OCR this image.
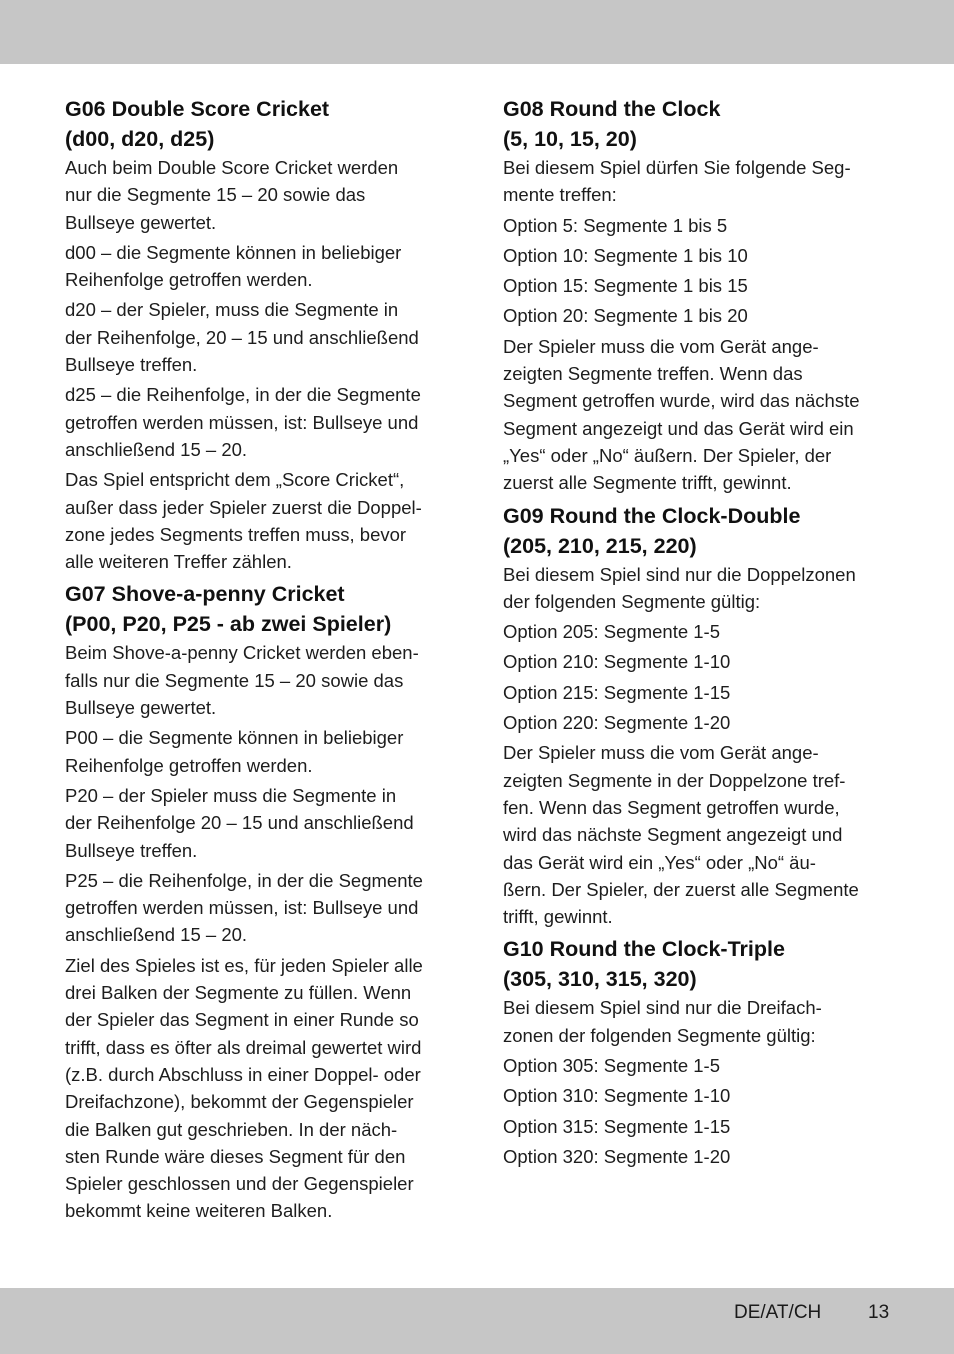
G06 Double Score Cricket
(d00, d20, d25)

Auch beim Double Score Cricket werden
nur die Segmente 15 – 20 sowie das
Bullseye gewertet.

d00 – die Segmente können in beliebiger
Reihenfolge getroffen werden.

d20 – der Spieler, muss die Segmente in
der Reihenfolge, 20 – 15 und anschließend
Bullseye treffen.

d25 – die Reihenfolge, in der die Segmente
getroffen werden müssen, ist: Bullseye und
anschließend 15 – 20.

Das Spiel entspricht dem „Score Cricket“,
außer dass jeder Spieler zuerst die Doppel-
zone jedes Segments treffen muss, bevor
alle weiteren Treffer zählen.

G07 Shove-a-penny Cricket
(P00, P20, P25 - ab zwei Spieler)

Beim Shove-a-penny Cricket werden eben-
falls nur die Segmente 15 – 20 sowie das
Bullseye gewertet.

P00 – die Segmente können in beliebiger
Reihenfolge getroffen werden.

P20 – der Spieler muss die Segmente in
der Reihenfolge 20 – 15 und anschließend
Bullseye treffen.

P25 – die Reihenfolge, in der die Segmente
getroffen werden müssen, ist: Bullseye und
anschließend 15 – 20.

Ziel des Spieles ist es, für jeden Spieler alle
drei Balken der Segmente zu füllen. Wenn
der Spieler das Segment in einer Runde so
trifft, dass es öfter als dreimal gewertet wird
(z.B. durch Abschluss in einer Doppel- oder
Dreifachzone), bekommt der Gegenspieler
die Balken gut geschrieben. In der näch-
sten Runde wäre dieses Segment für den
Spieler geschlossen und der Gegenspieler
bekommt keine weiteren Balken.

G08 Round the Clock
(5, 10, 15, 20)

Bei diesem Spiel dürfen Sie folgende Seg-
mente treffen:

Option 5: Segmente 1 bis 5

Option 10: Segmente 1 bis 10

Option 15: Segmente 1 bis 15

Option 20: Segmente 1 bis 20

Der Spieler muss die vom Gerät ange-
zeigten Segmente treffen. Wenn das
Segment getroffen wurde, wird das nächste
Segment angezeigt und das Gerät wird ein
„Yes“ oder „No“ äußern. Der Spieler, der
zuerst alle Segmente trifft, gewinnt.

G09 Round the Clock-Double
(205, 210, 215, 220)

Bei diesem Spiel sind nur die Doppelzonen
der folgenden Segmente gültig:

Option 205: Segmente 1-5

Option 210: Segmente 1-10

Option 215: Segmente 1-15

Option 220: Segmente 1-20

Der Spieler muss die vom Gerät ange-
zeigten Segmente in der Doppelzone tref-
fen. Wenn das Segment getroffen wurde,
wird das nächste Segment angezeigt und
das Gerät wird ein „Yes“ oder „No“ äu-
ßern. Der Spieler, der zuerst alle Segmente
trifft, gewinnt.

G10 Round the Clock-Triple
(305, 310, 315, 320)

Bei diesem Spiel sind nur die Dreifach-
zonen der folgenden Segmente gültig:

Option 305: Segmente 1-5

Option 310: Segmente 1-10

Option 315: Segmente 1-15

Option 320: Segmente 1-20

DE/AT/CH 13
